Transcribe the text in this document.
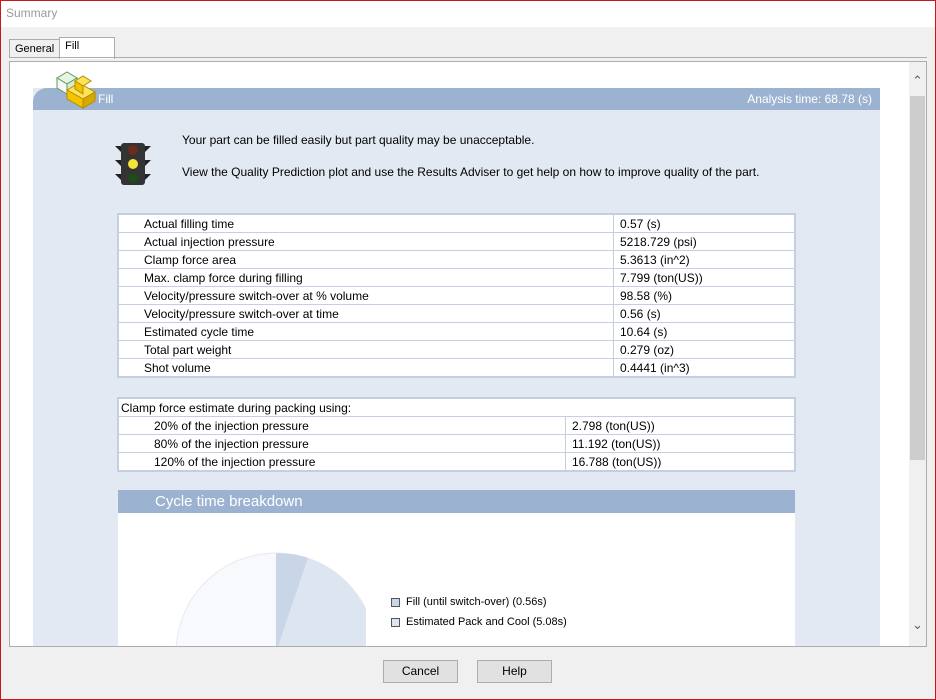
Summary
General	Fill
Fill	Analysis time: 68.78 (s)
Your part can be filled easily but part quality may be unacceptable.
View the Quality Prediction plot and use the Results Adviser to get help on how to improve quality of the part.
Actual filling time	0.57 (s)
Actual injection pressure	5218.729 (psi)
Clamp force area	5.3613 (in^2)
Max. clamp force during filling	7.799 (ton(US))
Velocity/pressure switch-over at % volume	98.58 (%)
Velocity/pressure switch-over at time	0.56 (s)
Estimated cycle time	10.64 (s)
Total part weight	0.279 (oz)
Shot volume	0.4441 (in^3)
Clamp force estimate during packing using:	
20% of the injection pressure	2.798 (ton(US))
80% of the injection pressure	11.192 (ton(US))
120% of the injection pressure	16.788 (ton(US))
Cycle time breakdown
Fill (until switch-over) (0.56s)
Estimated Pack and Cool (5.08s)
⌃
⌄
Cancel	Help
